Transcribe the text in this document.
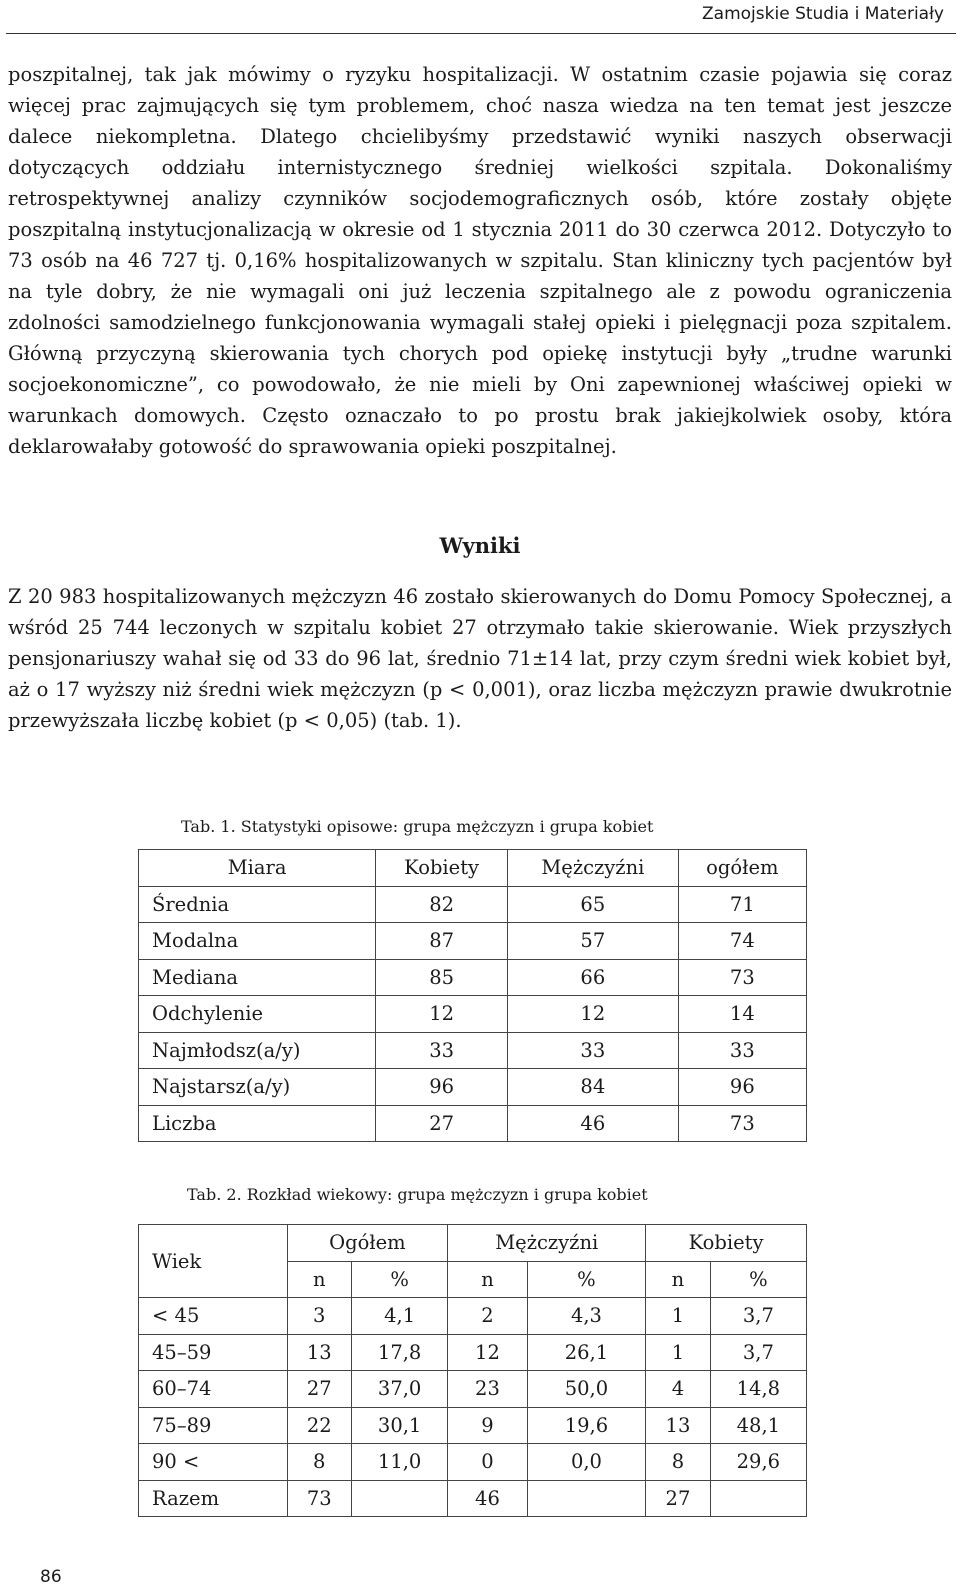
Zamojskie Studia i Materiały

poszpitalnej, tak jak mówimy o ryzyku hospitalizacji. W ostatnim czasie pojawia się coraz więcej prac zajmujących się tym problemem, choć nasza wiedza na ten temat jest jeszcze dalece niekompletna. Dlatego chcielibyśmy przedstawić wyniki naszych obserwacji dotyczących oddziału internistycznego średniej wielkości szpitala. Dokonaliśmy retrospektywnej analizy czynników socjodemograficznych osób, które zostały objęte poszpitalną instytucjonalizacją w okresie od 1 stycznia 2011 do 30 czerwca 2012. Dotyczyło to 73 osób na 46 727 tj. 0,16% hospitalizowanych w szpitalu. Stan kliniczny tych pacjentów był na tyle dobry, że nie wymagali oni już leczenia szpitalnego ale z powodu ograniczenia zdolności samodzielnego funkcjonowania wymagali stałej opieki i pielęgnacji poza szpitalem. Główną przyczyną skierowania tych chorych pod opiekę instytucji były „trudne warunki socjoekonomiczne”, co powodowało, że nie mieli by Oni zapewnionej właściwej opieki w warunkach domowych. Często oznaczało to po prostu brak jakiejkolwiek osoby, która deklarowałaby gotowość do sprawowania opieki poszpitalnej.

Wyniki

Z 20 983 hospitalizowanych mężczyzn 46 zostało skierowanych do Domu Pomocy Społecznej, a wśród 25 744 leczonych w szpitalu kobiet 27 otrzymało takie skierowanie. Wiek przyszłych pensjonariuszy wahał się od 33 do 96 lat, średnio 71±14 lat, przy czym średni wiek kobiet był, aż o 17 wyższy niż średni wiek mężczyzn (p < 0,001), oraz liczba mężczyzn prawie dwukrotnie przewyższała liczbę kobiet (p < 0,05) (tab. 1).

Tab. 1. Statystyki opisowe: grupa mężczyzn i grupa kobiet
Miara	Kobiety	Mężczyźni	ogółem
Średnia	82	65	71
Modalna	87	57	74
Mediana	85	66	73
Odchylenie	12	12	14
Najmłodsz(a/y)	33	33	33
Najstarsz(a/y)	96	84	96
Liczba	27	46	73
Tab. 2. Rozkład wiekowy: grupa mężczyzn i grupa kobiet
Wiek	Ogółem		Mężczyźni		Kobiety	
	n	%	n	%	n	%
< 45	3	4,1	2	4,3	1	3,7
45–59	13	17,8	12	26,1	1	3,7
60–74	27	37,0	23	50,0	4	14,8
75–89	22	30,1	9	19,6	13	48,1
90 <	8	11,0	0	0,0	8	29,6
Razem	73		46		27	
86
